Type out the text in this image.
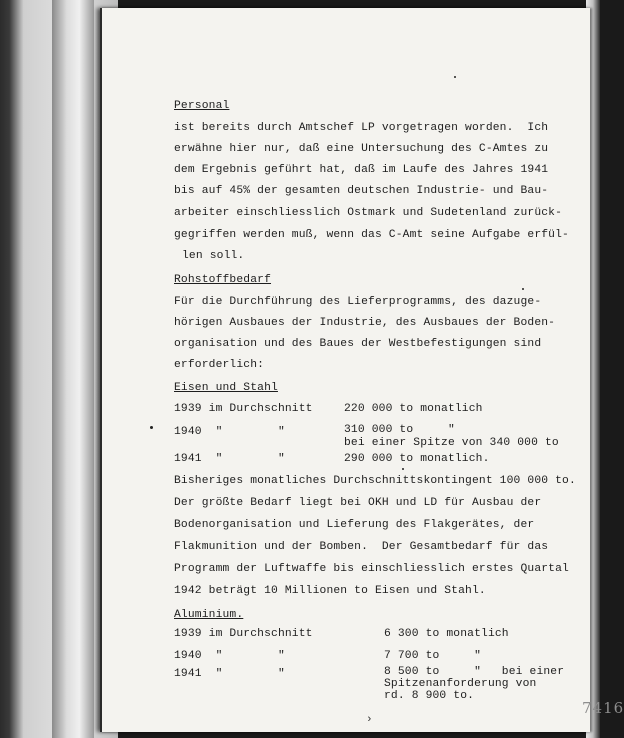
Personal
ist bereits durch Amtschef LP vorgetragen worden.  Ich
erwähne hier nur, daß eine Untersuchung des C-Amtes zu
dem Ergebnis geführt hat, daß im Laufe des Jahres 1941
bis auf 45% der gesamten deutschen Industrie- und Bau-
arbeiter einschliesslich Ostmark und Sudetenland zurück-
gegriffen werden muß, wenn das C-Amt seine Aufgabe erfül-
len soll.
Rohstoffbedarf
Für die Durchführung des Lieferprogramms, des dazuge-
hörigen Ausbaues der Industrie, des Ausbaues der Boden-
organisation und des Baues der Westbefestigungen sind
erforderlich:
Eisen und Stahl
1939 im Durchschnitt	220 000 to monatlich
1940  "        "	310 000 to     "
bei einer Spitze von 340 000 to
1941  "        "	290 000 to monatlich.
Bisheriges monatliches Durchschnittskontingent 100 000 to.
Der größte Bedarf liegt bei OKH und LD für Ausbau der
Bodenorganisation und Lieferung des Flakgerätes, der
Flakmunition und der Bomben.  Der Gesamtbedarf für das
Programm der Luftwaffe bis einschliesslich erstes Quartal
1942 beträgt 10 Millionen to Eisen und Stahl.
Aluminium.
1939 im Durchschnitt	6 300 to monatlich
1940  "        "	7 700 to     "
1941  "        "	8 500 to     "   bei einer
Spitzenanforderung von
rd. 8 900 to.
7416
›
